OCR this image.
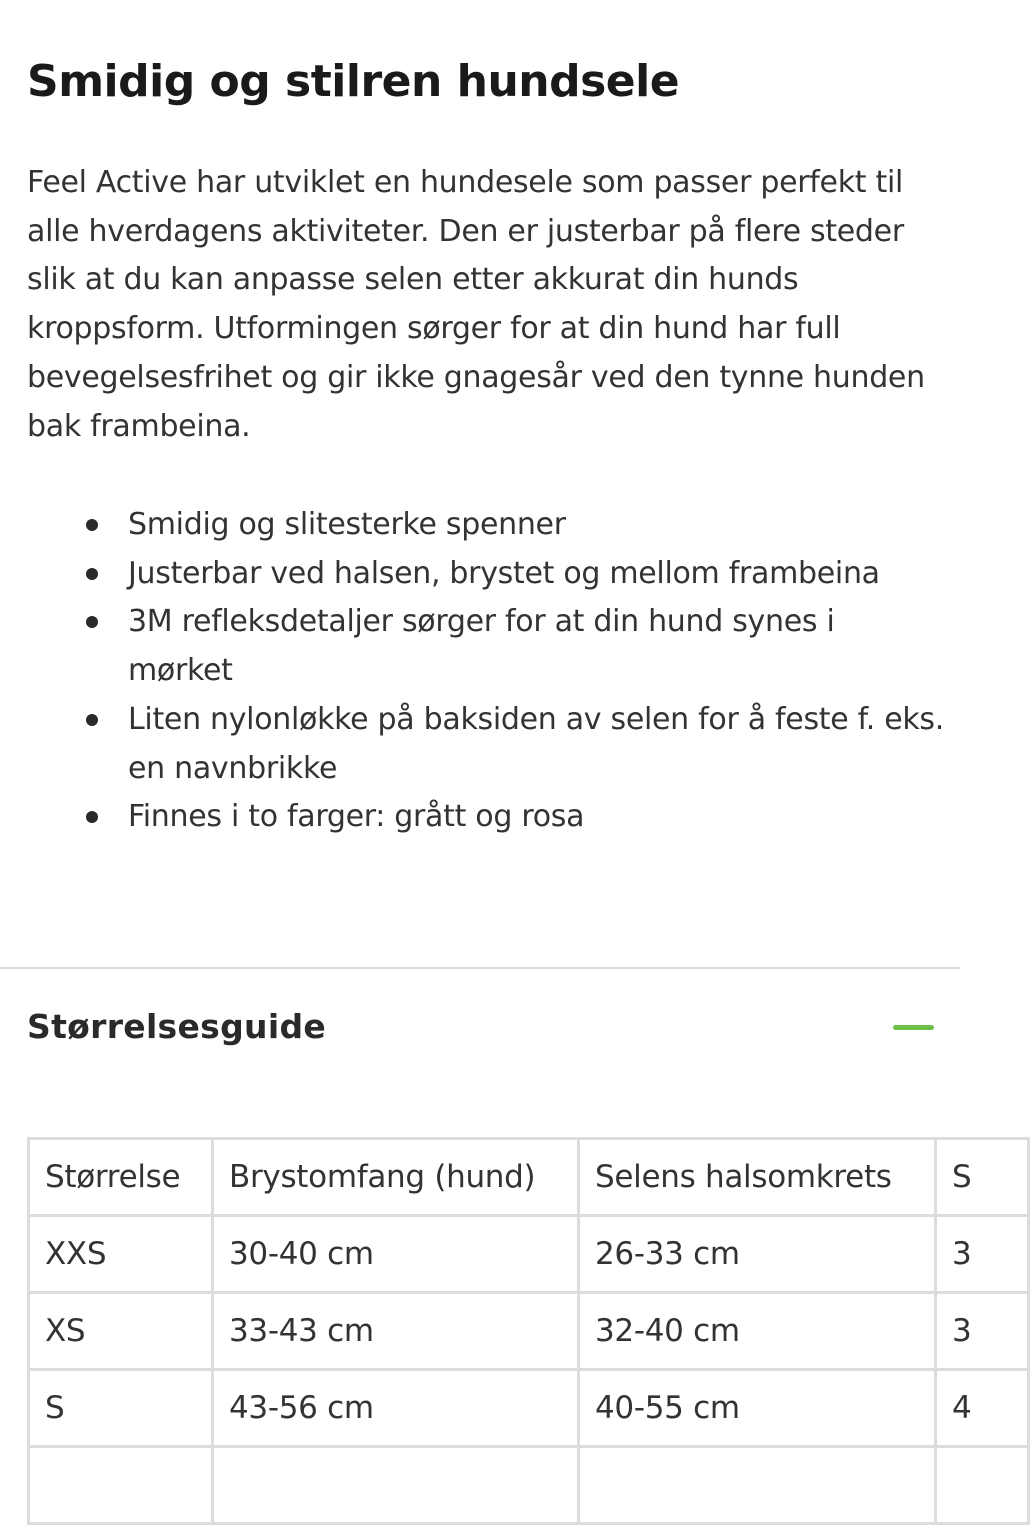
Smidig og stilren hundsele

Feel Active har utviklet en hundesele som passer perfekt til alle hverdagens aktiviteter. Den er justerbar på flere steder slik at du kan anpasse selen etter akkurat din hunds kroppsform. Utformingen sørger for at din hund har full bevegelsesfrihet og gir ikke gnagesår ved den tynne hunden bak frambeina.

Smidig og slitesterke spenner
Justerbar ved halsen, brystet og mellom frambeina
3M refleksdetaljer sørger for at din hund synes i mørket
Liten nylonløkke på baksiden av selen for å feste f. eks. en navnbrikke
Finnes i to farger: grått og rosa
Størrelsesguide
Størrelse	Brystomfang (hund)	Selens halsomkrets	S
XXS	30-40 cm	26-33 cm	3
XS	33-43 cm	32-40 cm	3
S	43-56 cm	40-55 cm	4
